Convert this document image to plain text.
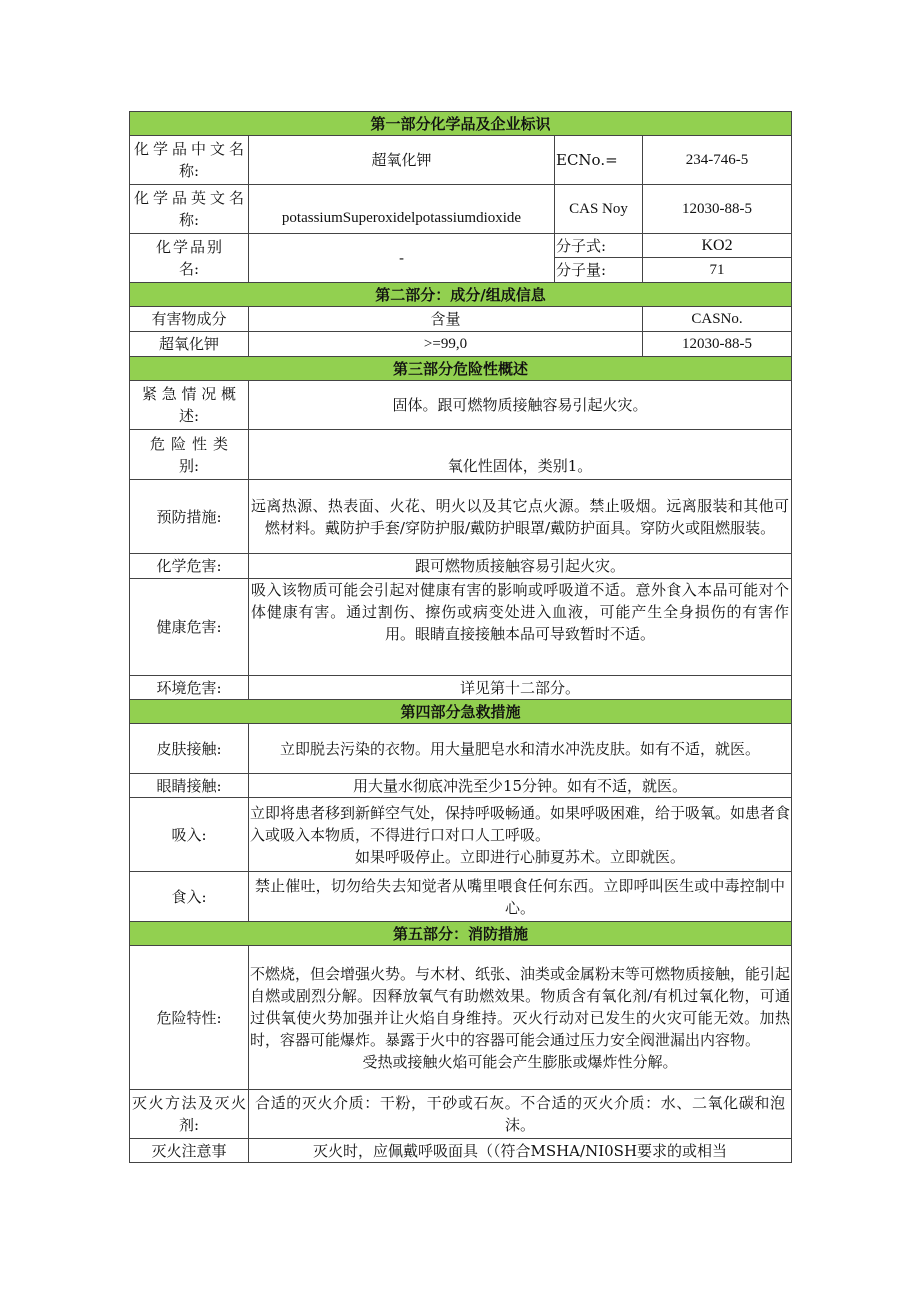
第一部分化学品及企业标识			
化学品中文名称:	超氧化钾	ECNo.=	234-746-5
化学品英文名称:	potassiumSuperoxidelpotassiumdioxide	CAS Noy	12030-88-5
化学品别名:	-	分子式:	KO2
		分子量:	71
第二部分：成分/组成信息			
有害物成分	含量		CASNo.
超氧化钾	>=99,0		12030-88-5
第三部分危险性概述			
紧急情况概述:	固体。跟可燃物质接触容易引起火灾。		
危险性类别:	氧化性固体，类别1。		
预防措施:	远离热源、热表面、火花、明火以及其它点火源。禁止吸烟。远离服装和其他可燃材料。戴防护手套/穿防护服/戴防护眼罩/戴防护面具。穿防火或阻燃服装。		
化学危害:	跟可燃物质接触容易引起火灾。		
健康危害:	吸入该物质可能会引起对健康有害的影响或呼吸道不适。意外食入本品可能对个体健康有害。通过割伤、擦伤或病变处进入血液，可能产生全身损伤的有害作用。眼睛直接接触本品可导致暂时不适。		
环境危害:	详见第十二部分。		
第四部分急救措施			
皮肤接触:	立即脱去污染的衣物。用大量肥皂水和清水冲洗皮肤。如有不适，就医。		
眼睛接触:	用大量水彻底冲洗至少15分钟。如有不适，就医。		
吸入:	立即将患者移到新鲜空气处，保持呼吸畅通。如果呼吸困难，给于吸氧。如患者食入或吸入本物质，不得进行口对口人工呼吸。
如果呼吸停止。立即进行心肺夏苏术。立即就医。		

食入:	禁止催吐，切勿给失去知觉者从嘴里喂食任何东西。立即呼叫医生或中毒控制中心。		
第五部分：消防措施			
危险特性:	不燃烧，但会增强火势。与木材、纸张、油类或金属粉末等可燃物质接触，能引起自燃或剧烈分解。因释放氧气有助燃效果。物质含有氧化剂/有机过氧化物，可通过供氧使火势加强并让火焰自身维持。灭火行动对已发生的火灾可能无效。加热时，容器可能爆炸。暴露于火中的容器可能会通过压力安全阀泄漏出内容物。
受热或接触火焰可能会产生膨胀或爆炸性分解。		

灭火方法及灭火剂:	合适的灭火介质：干粉，干砂或石灰。不合适的灭火介质：水、二氧化碳和泡沫。		
灭火注意事	灭火时，应佩戴呼吸面具（（符合MSHA/NI0SH要求的或相当		
